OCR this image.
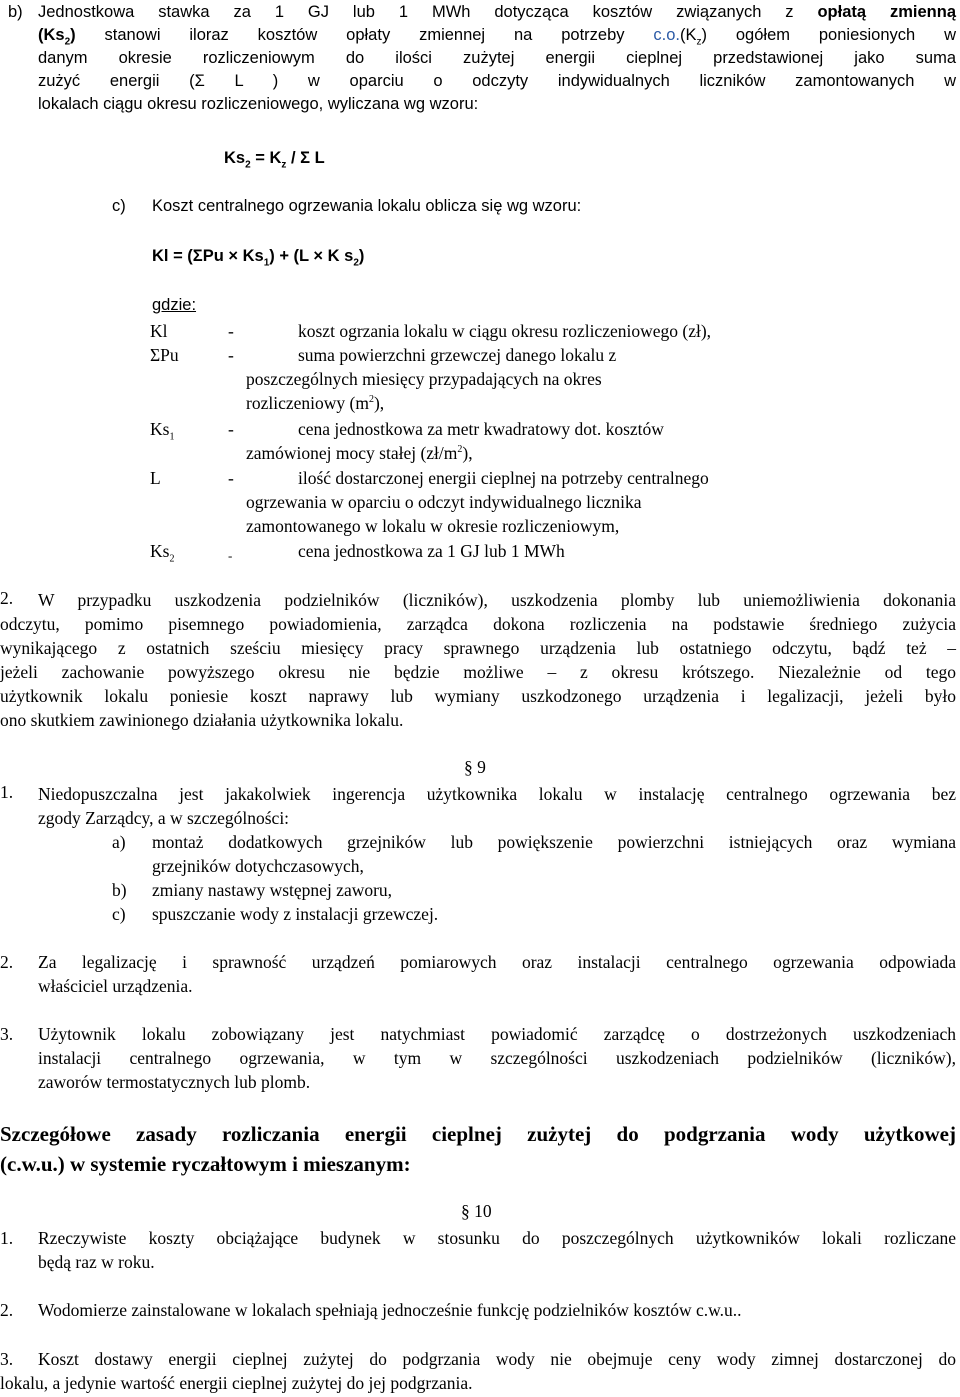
b) Jednostkowa stawka za 1 GJ lub 1 MWh dotycząca kosztów związanych z opłatą zmienną
$(Ks_2)$ stanowi iloraz kosztów opłaty zmiennej na potrzeby $c.o.(K_z)$ ogółem poniesionych w
danym okresie rozliczeniowym do ilości zużytej energii cieplnej przedstawionej jako suma
zużyć energii (Σ L ) w oparciu o odczyty indywidualnych liczników zamontowanych w
lokalach ciągu okresu rozliczeniowego, wyliczana wg wzoru:
$Ks_2 = K_z / \Sigma$ L
c) Koszt centralnego ogrzewania lokalu oblicza się wg wzoru:
$Kl = (\Sigma Pu \times Ks_1) + (L \times K$ $s_2$)
gdzie:
Kl	-	koszt ogrzania lokalu w ciągu okresu rozliczeniowego (zł),
ΣPu	-	suma powierzchni grzewczej danego lokalu z
poszczególnych miesięcy przypadających na okres
rozliczeniowy $(m^2)$,
$Ks_1$	-	cena jednostkowa za metr kwadratowy dot. kosztów
zamówionej mocy stałej $(zł/m^2)$,
L	-	ilość dostarczonej energii cieplnej na potrzeby centralnego
ogrzewania w oparciu o odczyt indywidualnego licznika
zamontowanego w lokalu w okresie rozliczeniowym,
$Ks_2$	-	cena jednostkowa za 1 GJ lub 1 MWh
2. W przypadku uszkodzenia podzielników (liczników), uszkodzenia plomby lub uniemożliwienia dokonania
odczytu, pomimo pisemnego powiadomienia, zarządca dokona rozliczenia na podstawie średniego zużycia
wynikającego z ostatnich sześciu miesięcy pracy sprawnego urządzenia lub ostatniego odczytu, bądź też –
jeżeli zachowanie powyższego okresu nie będzie możliwe – z okresu krótszego. Niezależnie od tego
użytkownik lokalu poniesie koszt naprawy lub wymiany uszkodzonego urządzenia i legalizacji, jeżeli było
ono skutkiem zawinionego działania użytkownika lokalu.
§ 9
1. Niedopuszczalna jest jakakolwiek ingerencja użytkownika lokalu w instalację centralnego ogrzewania bez
zgody Zarządcy, a w szczególności:
a) montaż dodatkowych grzejników lub powiększenie powierzchni istniejących oraz wymiana
grzejników dotychczasowych,
b) zmiany nastawy wstępnej zaworu,
c) spuszczanie wody z instalacji grzewczej.
2. Za legalizację i sprawność urządzeń pomiarowych oraz instalacji centralnego ogrzewania odpowiada
właściciel urządzenia.
3. Użytownik lokalu zobowiązany jest natychmiast powiadomić zarządcę o dostrzeżonych uszkodzeniach
instalacji centralnego ogrzewania, w tym w szczególności uszkodzeniach podzielników (liczników),
zaworów termostatycznych lub plomb.
Szczegółowe zasady rozliczania energii cieplnej zużytej do podgrzania wody użytkowej
(c.w.u.) w systemie ryczałtowym i mieszanym:
§ 10
1. Rzeczywiste koszty obciążające budynek w stosunku do poszczególnych użytkowników lokali rozliczane
będą raz w roku.
2. Wodomierze zainstalowane w lokalach spełniają jednocześnie funkcję podzielników kosztów c.w.u..
3. Koszt dostawy energii cieplnej zużytej do podgrzania wody nie obejmuje ceny wody zimnej dostarczonej do
lokalu, a jedynie wartość energii cieplnej zużytej do jej podgrzania.
